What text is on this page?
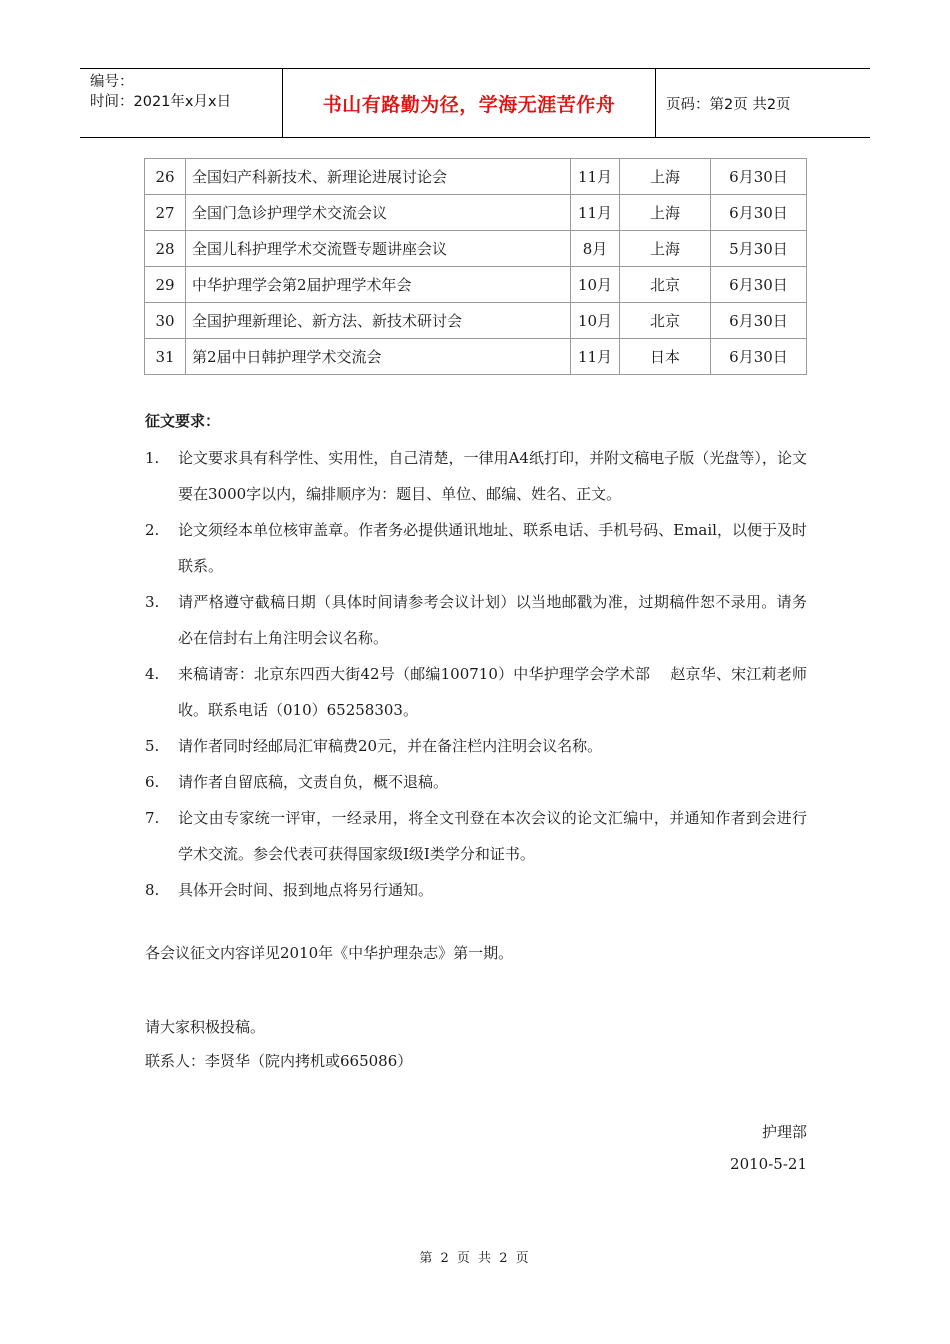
编号：
时间：2021年x月x日	书山有路勤为径，学海无涯苦作舟	页码：第2页 共2页
26	全国妇产科新技术、新理论进展讨论会	11月	上海	6月30日
27	全国门急诊护理学术交流会议	11月	上海	6月30日
28	全国儿科护理学术交流暨专题讲座会议	8月	上海	5月30日
29	中华护理学会第2届护理学术年会	10月	北京	6月30日
30	全国护理新理论、新方法、新技术研讨会	10月	北京	6月30日
31	第2届中日韩护理学术交流会	11月	日本	6月30日
征文要求：
1.	论文要求具有科学性、实用性，自己清楚，一律用A4纸打印，并附文稿电子版（光盘等），论文要在3000字以内，编排顺序为：题目、单位、邮编、姓名、正文。
2.	论文须经本单位核审盖章。作者务必提供通讯地址、联系电话、手机号码、Email，以便于及时联系。
3.	请严格遵守截稿日期（具体时间请参考会议计划）以当地邮戳为准，过期稿件恕不录用。请务必在信封右上角注明会议名称。
4.	来稿请寄：北京东四西大街42号（邮编100710）中华护理学会学术部　 赵京华、宋江莉老师收。联系电话（010）65258303。
5.	请作者同时经邮局汇审稿费20元，并在备注栏内注明会议名称。
6.	请作者自留底稿，文责自负，概不退稿。
7.	论文由专家统一评审，一经录用，将全文刊登在本次会议的论文汇编中，并通知作者到会进行学术交流。参会代表可获得国家级I级I类学分和证书。
8.	具体开会时间、报到地点将另行通知。
各会议征文内容详见2010年《中华护理杂志》第一期。
请大家积极投稿。
联系人：李贤华（院内拷机或665086）
护理部
2010-5-21
第 2 页 共 2 页
